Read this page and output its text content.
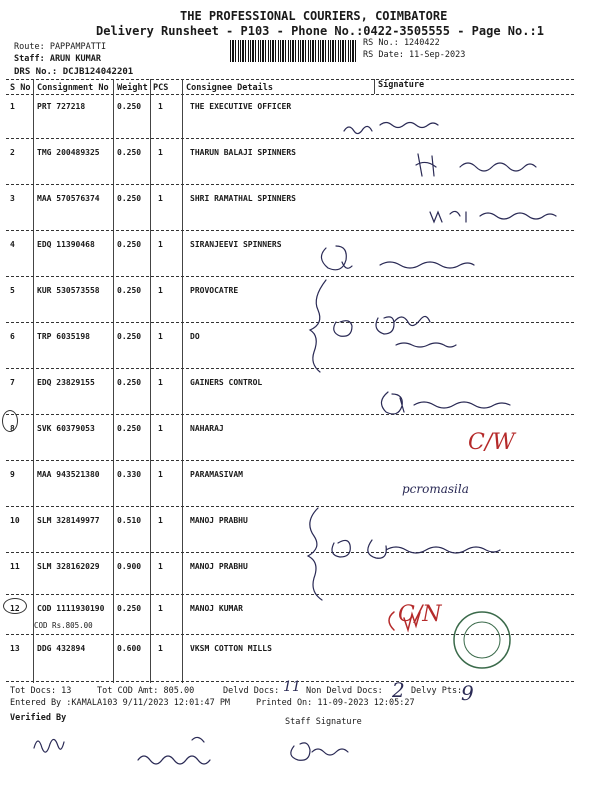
THE PROFESSIONAL COURIERS, COIMBATORE
Delivery Runsheet - P103 - Phone No.:0422-3505555 - Page No.:1
Route: PAPPAMPATTI
Staff: ARUN KUMAR
DRS No.: DCJB124042201
RS No.: 1240422
RS Date: 11-Sep-2023
S No Consignment No Weight PCS Consignee Details	Signature
1	PRT 727218	0.250 1	THE EXECUTIVE OFFICER
2	TMG 200489325 0.250 1	THARUN BALAJI SPINNERS
3	MAA 570576374 0.250 1	SHRI RAMATHAL SPINNERS
4	EDQ 11390468	0.250 1	SIRANJEEVI SPINNERS
5	KUR 530573558 0.250 1	PROVOCATRE
6	TRP 6035198	0.250 1	DO
7	EDQ 23829155	0.250 1	GAINERS CONTROL
8	SVK 60379053	0.250 1	NAHARAJ
9	MAA 943521380 0.330 1	PARAMASIVAM
10 SLM 328149977 0.510 1	MANOJ PRABHU
11 SLM 328162029 0.900 1	MANOJ PRABHU
12 COD 1111930190 0.250 1	MANOJ KUMAR
13 DDG 432894	0.600 1	VKSM COTTON MILLS
COD Rs.805.00
Tot Docs: 13	Tot COD Amt: 805.00	Delvd Docs: 11 Non Delvd Docs: 2 Delvy Pts:
9
Entered By :KAMALA103 9/11/2023 12:01:47 PM	Printed On: 11-09-2023 12:05:27
Verified By	Staff Signature
C/W
C/N
pcromasila
